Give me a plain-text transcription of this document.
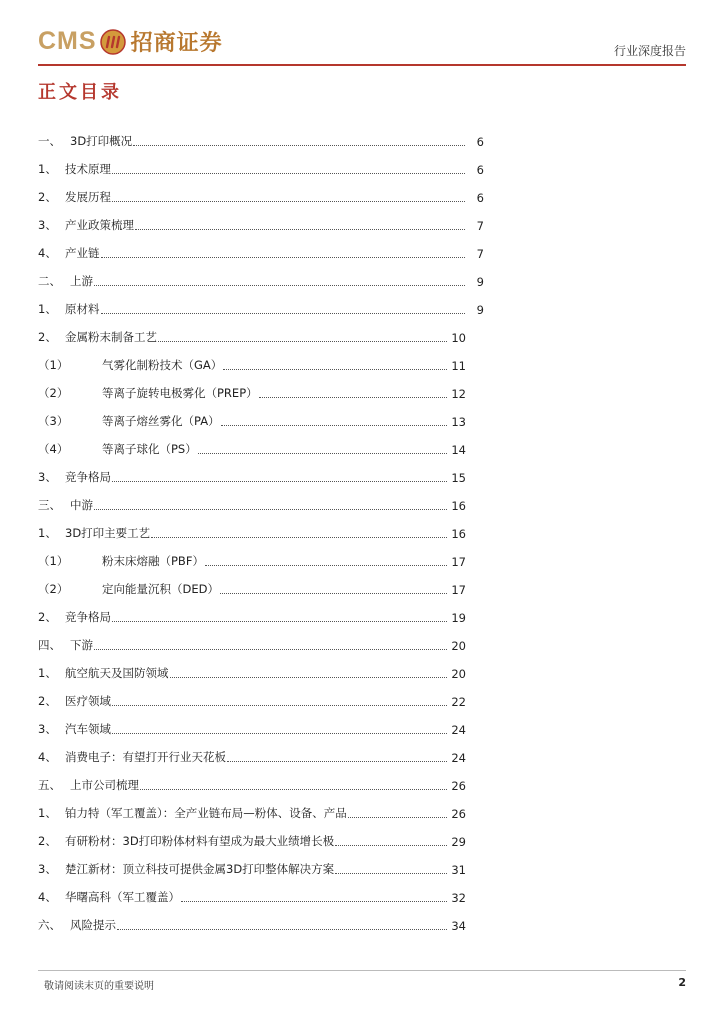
CMS 招商证券	行业深度报告
正文目录
一、 3D打印概况	6
1、 技术原理	6
2、 发展历程	6
3、 产业政策梳理	7
4、 产业链	7
二、 上游	9
1、 原材料	9
2、 金属粉末制备工艺	10
（1）	气雾化制粉技术（GA）	11
（2）	等离子旋转电极雾化（PREP）	12
（3）	等离子熔丝雾化（PA）	13
（4）	等离子球化（PS）	14
3、 竞争格局	15
三、 中游	16
1、 3D打印主要工艺	16
（1）	粉末床熔融（PBF）	17
（2）	定向能量沉积（DED）	17
2、 竞争格局	19
四、 下游	20
1、 航空航天及国防领域	20
2、 医疗领域	22
3、 汽车领域	24
4、 消费电子：有望打开行业天花板	24
五、 上市公司梳理	26
1、 铂力特（军工覆盖）：全产业链布局—粉体、设备、产品	26
2、 有研粉材：3D打印粉体材料有望成为最大业绩增长极	29
3、 楚江新材：顶立科技可提供金属3D打印整体解决方案	31
4、 华曙高科（军工覆盖）	32
六、 风险提示	34
敬请阅读末页的重要说明	2
